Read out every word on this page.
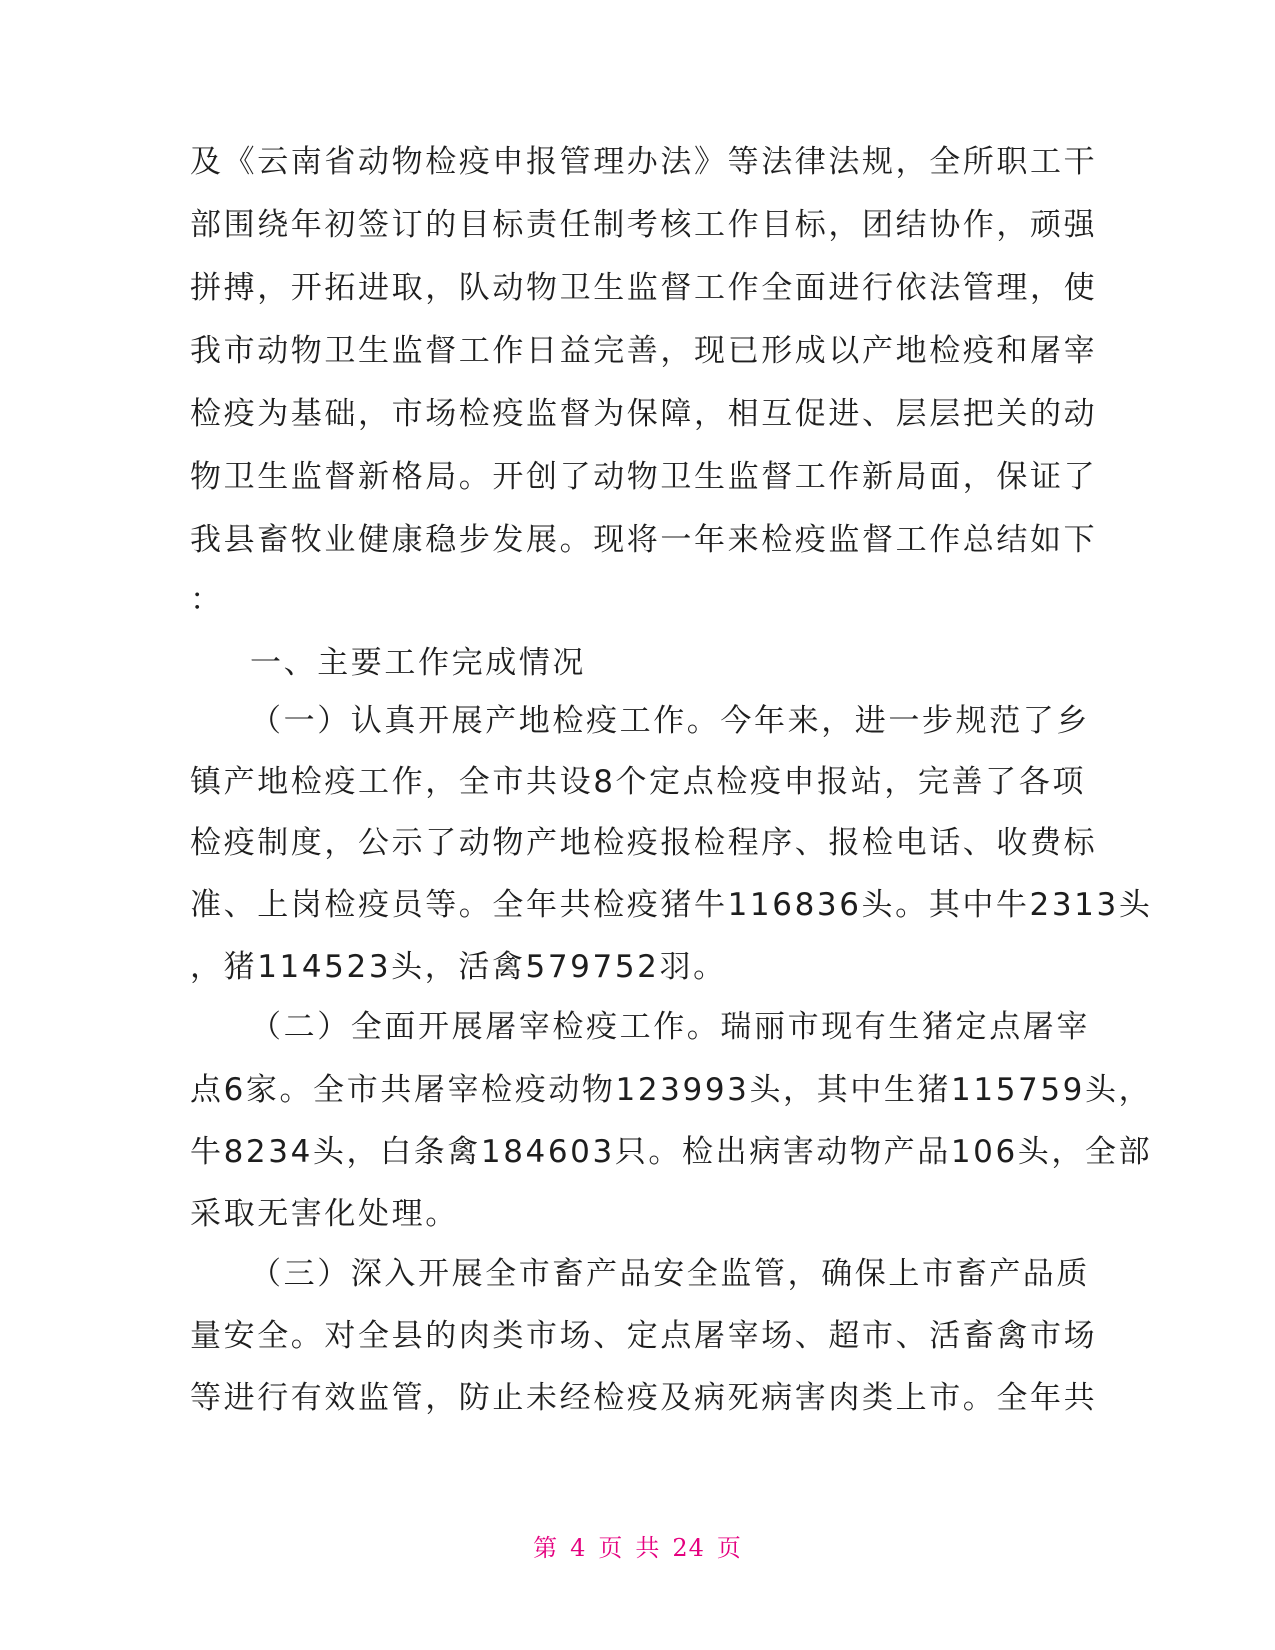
及《云南省动物检疫申报管理办法》等法律法规，全所职工干
部围绕年初签订的目标责任制考核工作目标，团结协作，顽强
拼搏，开拓进取，队动物卫生监督工作全面进行依法管理，使
我市动物卫生监督工作日益完善，现已形成以产地检疫和屠宰
检疫为基础，市场检疫监督为保障，相互促进、层层把关的动
物卫生监督新格局。开创了动物卫生监督工作新局面，保证了
我县畜牧业健康稳步发展。现将一年来检疫监督工作总结如下
：
一、主要工作完成情况
（一）认真开展产地检疫工作。今年来，进一步规范了乡
镇产地检疫工作，全市共设8个定点检疫申报站，完善了各项
检疫制度，公示了动物产地检疫报检程序、报检电话、收费标
准、上岗检疫员等。全年共检疫猪牛116836头。其中牛2313头
，猪114523头，活禽579752羽。
（二）全面开展屠宰检疫工作。瑞丽市现有生猪定点屠宰
点6家。全市共屠宰检疫动物123993头，其中生猪115759头，
牛8234头，白条禽184603只。检出病害动物产品106头，全部
采取无害化处理。
（三）深入开展全市畜产品安全监管，确保上市畜产品质
量安全。对全县的肉类市场、定点屠宰场、超市、活畜禽市场
等进行有效监管，防止未经检疫及病死病害肉类上市。全年共
第 4 页 共 24 页
